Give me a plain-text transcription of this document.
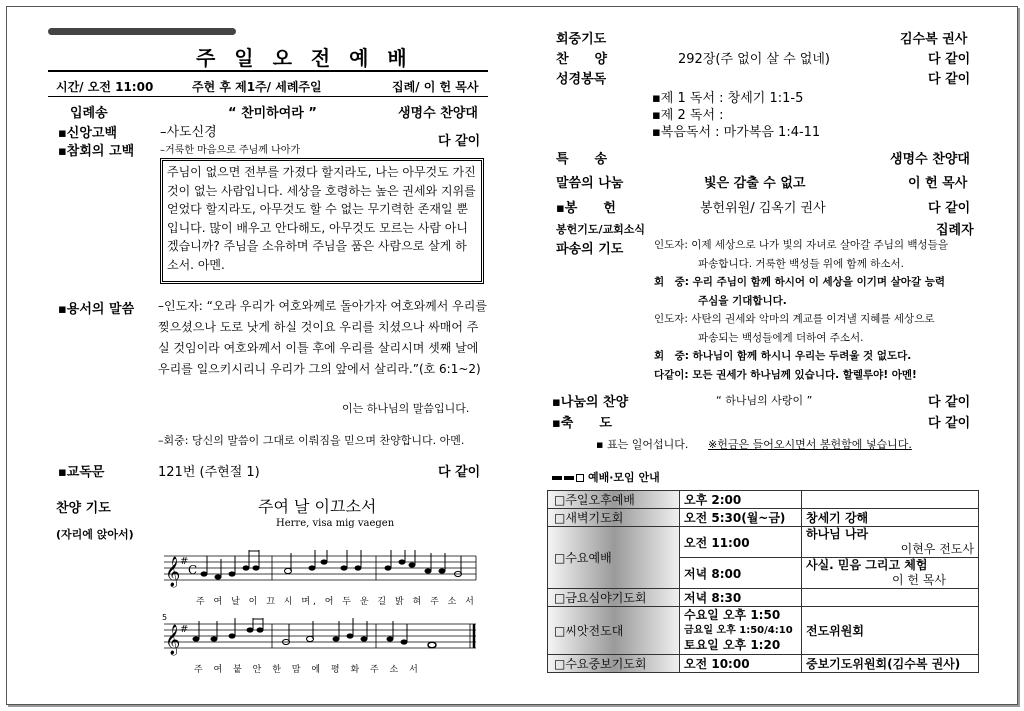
주 일 오 전 예 배
시간/ 오전 11:00	주현 후 제1주/ 세례주일	집례/ 이 헌 목사
입례송	“ 찬미하여라 ”	생명수 찬양대
▪신앙고백	–사도신경
▪참회의 고백	–거룩한 마음으로 주님께 나아가
다 같이
주님이 없으면 전부를 가졌다 할지라도, 나는 아무것도 가진 것이 없는 사람입니다. 세상을 호령하는 높은 권세와 지위를 얻었다 할지라도, 아무것도 할 수 없는 무기력한 존재일 뿐입니다. 많이 배우고 안다해도, 아무것도 모르는 사람 아니겠습니까? 주님을 소유하며 주님을 품은 사람으로 살게 하소서. 아멘.
▪용서의 말씀 –인도자: “오라 우리가 여호와께로 돌아가자 여호와께서 우리를 찢으셨으나 도로 낫게 하실 것이요 우리를 치셨으나 싸매어 주실 것임이라 여호와께서 이틀 후에 우리를 살리시며 셋째 날에 우리를 일으키시리니 우리가 그의 앞에서 살리라.”(호 6:1~2)
이는 하나님의 말씀입니다.
–회중: 당신의 말씀이 그대로 이뤄짐을 믿으며 찬양합니다. 아멘.
▪교독문	121번 (주현절 1)	다 같이
찬양 기도
(자리에 앉아서)
주여 날 이끄소서
Herre, visa mig vaegen
𝄞 #
C
주 여 날 이 끄 시 며, 어 두 운 길 밝 혀 주 소 서
5
𝄞 #
주 여 붙 안 한 맘 에 평 화 주 소 서
회중기도	김수복 권사
찬　　양	292장(주 없이 살 수 없네)	다 같이
성경봉독	다 같이
▪제 1 독서 : 창세기 1:1-5
▪제 2 독서 :
▪복음독서 : 마가복음 1:4-11
특　　송	생명수 찬양대
말씀의 나눔	빛은 감출 수 없고	이 헌 목사
▪봉　　헌	봉헌위원/ 김옥기 권사	다 같이
봉헌기도/교회소식	집례자
파송의 기도	인도자: 이제 세상으로 나가 빛의 자녀로 살아갈 주님의 백성들을
파송합니다. 거룩한 백성들 위에 함께 하소서.
회　중: 우리 주님이 함께 하시어 이 세상을 이기며 살아갈 능력
주심을 기대합니다.
인도자: 사탄의 권세와 악마의 계교를 이겨낼 지혜를 세상으로
파송되는 백성들에게 더하여 주소서.
회　중: 하나님이 함께 하시니 우리는 두려울 것 없도다.
다같이: 모든 권세가 하나님께 있습니다. 할렐루야! 아멘!
▪나눔의 찬양	“ 하나님의 사랑이 ”	다 같이
▪축　　도	다 같이
▪ 표는 일어섭니다. ※헌금은 들어오시면서 봉헌함에 넣습니다.
예배·모임 안내
□주일오후예배	오후 2:00	
□새벽기도회	오전 5:30(월~금)	창세기 강해
□수요예배	오전 11:00	하나님 나라
이현우 전도사

	저녁 8:00	사실. 믿음 그리고 체험
이 헌 목사

□금요심야기도회	저녁 8:30	
□씨앗전도대	수요일 오후 1:50
금요일 오후 1:50/4:10
토요일 오후 1:20	전도위원회
□수요중보기도회	오전 10:00	중보기도위원회(김수복 권사)
